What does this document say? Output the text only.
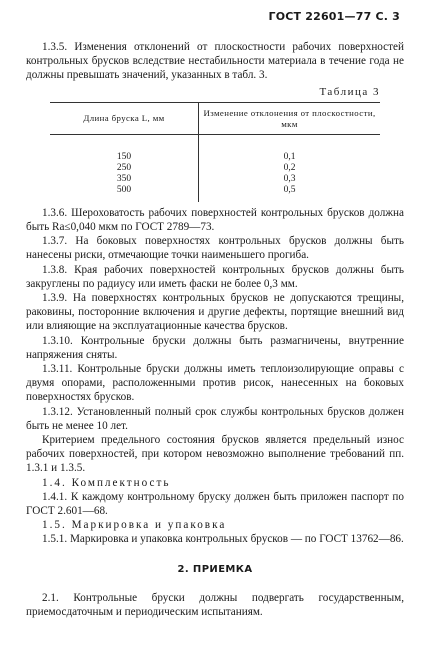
ГОСТ 22601—77 С. 3

1.3.5. Изменения отклонений от плоскостности рабочих поверхностей контрольных брусков вследствие нестабильности материала в течение года не должны превышать значений, указанных в табл. 3.

Таблица 3
Длина бруска L, мм	Изменение отклонения от плоскостности, мкм
150	0,1
250	0,2
350	0,3
500	0,5

1.3.6. Шероховатость рабочих поверхностей контрольных брусков должна быть Ra≤0,040 мкм по ГОСТ 2789—73.

1.3.7. На боковых поверхностях контрольных брусков должны быть нанесены риски, отмечающие точки наименьшего прогиба.

1.3.8. Края рабочих поверхностей контрольных брусков должны быть закруглены по радиусу или иметь фаски не более 0,3 мм.

1.3.9. На поверхностях контрольных брусков не допускаются трещины, раковины, посторонние включения и другие дефекты, портящие внешний вид или влияющие на эксплуатационные качества брусков.

1.3.10. Контрольные бруски должны быть размагничены, внутренние напряжения сняты.

1.3.11. Контрольные бруски должны иметь теплоизолирующие оправы с двумя опорами, расположенными против рисок, нанесенных на боковых поверхностях брусков.

1.3.12. Установленный полный срок службы контрольных брусков должен быть не менее 10 лет.

Критерием предельного состояния брусков является предельный износ рабочих поверхностей, при котором невозможно выполнение требований пп. 1.3.1 и 1.3.5.

1.4. Комплектность

1.4.1. К каждому контрольному бруску должен быть приложен паспорт по ГОСТ 2.601—68.

1.5. Маркировка и упаковка

1.5.1. Маркировка и упаковка контрольных брусков — по ГОСТ 13762—86.

2. ПРИЕМКА

2.1. Контрольные бруски должны подвергать государственным, приемосдаточным и периодическим испытаниям.
